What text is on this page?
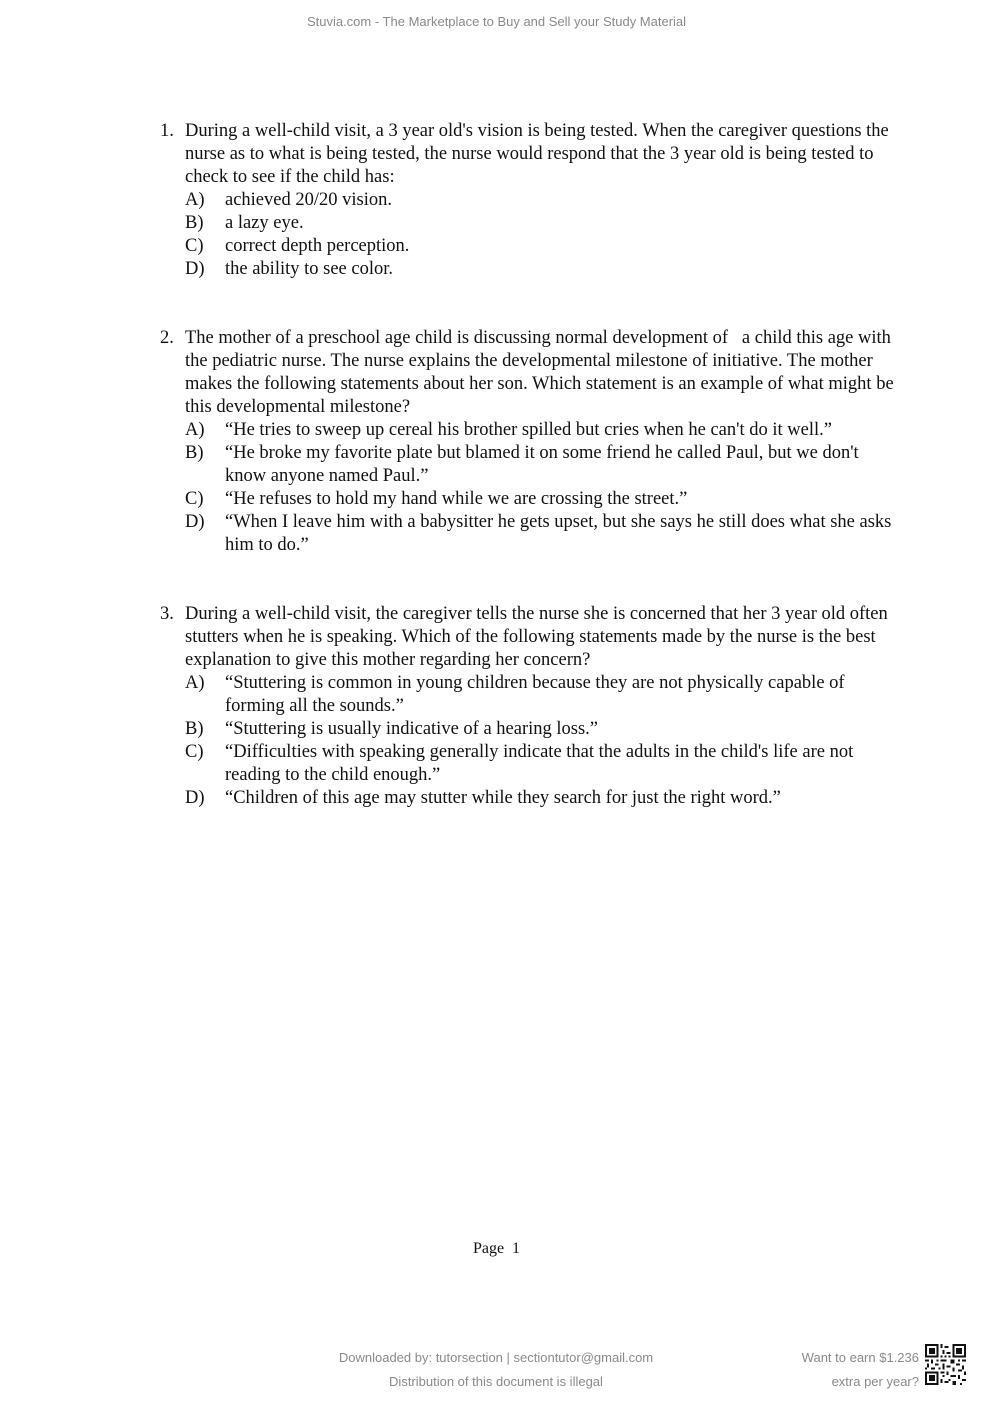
Stuvia.com - The Marketplace to Buy and Sell your Study Material
1. During a well-child visit, a 3 year old's vision is being tested. When the caregiver questions the nurse as to what is being tested, the nurse would respond that the 3 year old is being tested to check to see if the child has:
A) achieved 20/20 vision.
B) a lazy eye.
C) correct depth perception.
D) the ability to see color.
2. The mother of a preschool age child is discussing normal development of   a child this age with the pediatric nurse. The nurse explains the developmental milestone of initiative. The mother makes the following statements about her son. Which statement is an example of what might be this developmental milestone?
A) “He tries to sweep up cereal his brother spilled but cries when he can't do it well.”
B) “He broke my favorite plate but blamed it on some friend he called Paul, but we don't know anyone named Paul.”
C) “He refuses to hold my hand while we are crossing the street.”
D) “When I leave him with a babysitter he gets upset, but she says he still does what she asks him to do.”
3. During a well-child visit, the caregiver tells the nurse she is concerned that her 3 year old often stutters when he is speaking. Which of the following statements made by the nurse is the best explanation to give this mother regarding her concern?
A) “Stuttering is common in young children because they are not physically capable of forming all the sounds.”
B) “Stuttering is usually indicative of a hearing loss.”
C) “Difficulties with speaking generally indicate that the adults in the child's life are not reading to the child enough.”
D) “Children of this age may stutter while they search for just the right word.”
Page  1
Downloaded by: tutorsection | sectiontutor@gmail.com
Distribution of this document is illegal
Want to earn $1.236
extra per year?
